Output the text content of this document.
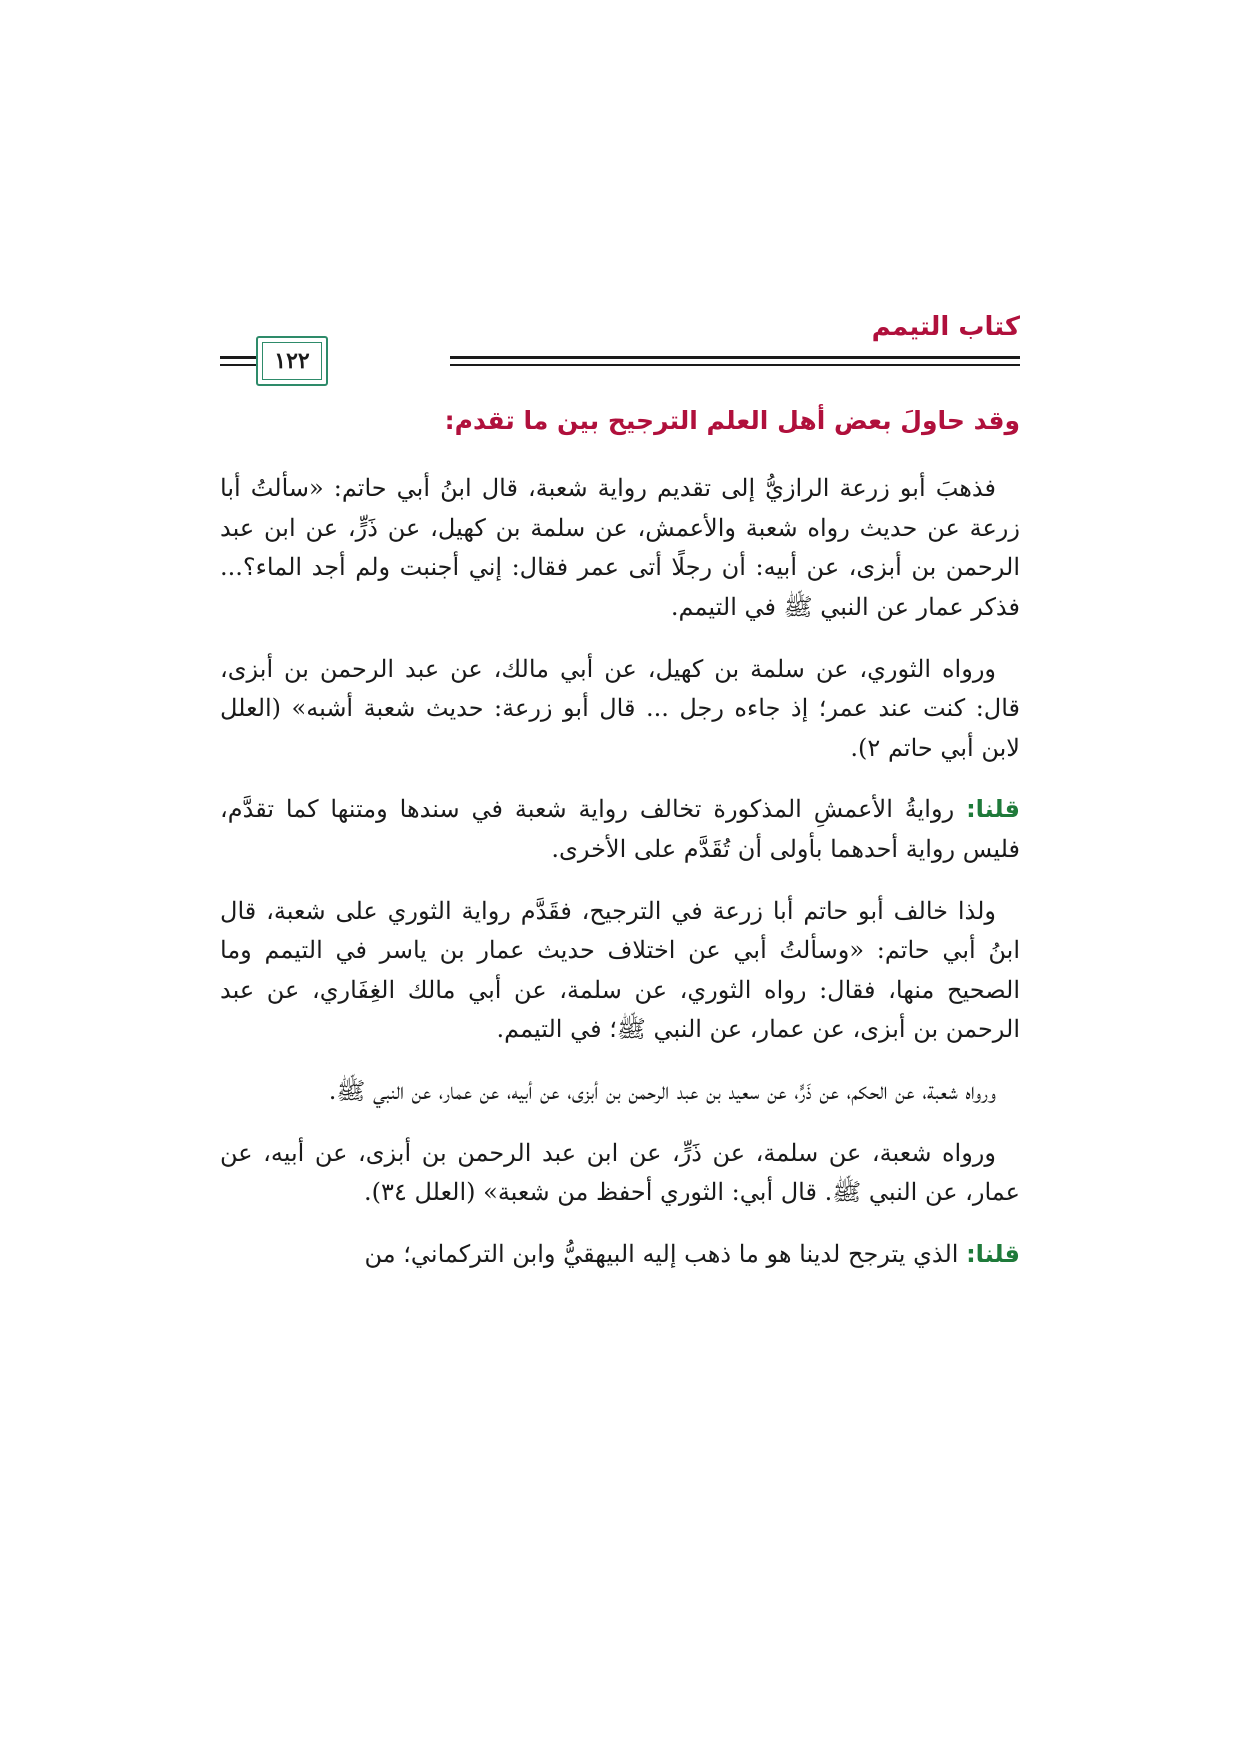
كتاب التيمم
١٢٢
وقد حاولَ بعض أهل العلم الترجيح بين ما تقدم:

فذهبَ أبو زرعة الرازيُّ إلى تقديم رواية شعبة، قال ابنُ أبي حاتم: «سألتُ أبا زرعة عن حديث رواه شعبة والأعمش، عن سلمة بن كهيل، عن ذَرٍّ، عن ابن عبد الرحمن بن أبزى، عن أبيه: أن رجلًا أتى عمر فقال: إني أجنبت ولم أجد الماء؟... فذكر عمار عن النبي ﷺ في التيمم.

ورواه الثوري، عن سلمة بن كهيل، عن أبي مالك، عن عبد الرحمن بن أبزى، قال: كنت عند عمر؛ إذ جاءه رجل ... قال أبو زرعة: حديث شعبة أشبه» (العلل لابن أبي حاتم ٢).

قلنا: روايةُ الأعمشِ المذكورة تخالف رواية شعبة في سندها ومتنها كما تقدَّم، فليس رواية أحدهما بأولى أن تُقَدَّم على الأخرى.

ولذا خالف أبو حاتم أبا زرعة في الترجيح، فقَدَّم رواية الثوري على شعبة، قال ابنُ أبي حاتم: «وسألتُ أبي عن اختلاف حديث عمار بن ياسر في التيمم وما الصحيح منها، فقال: رواه الثوري، عن سلمة، عن أبي مالك الغِفَاري، عن عبد الرحمن بن أبزى، عن عمار، عن النبي ﷺ؛ في التيمم.

ورواه شعبة، عن الحكم، عن ذَرٍّ، عن سعيد بن عبد الرحمن بن أبزى، عن أبيه، عن عمار، عن النبي ﷺ.

ورواه شعبة، عن سلمة، عن ذَرٍّ، عن ابن عبد الرحمن بن أبزى، عن أبيه، عن عمار، عن النبي ﷺ. قال أبي: الثوري أحفظ من شعبة» (العلل ٣٤).

قلنا: الذي يترجح لدينا هو ما ذهب إليه البيهقيُّ وابن التركماني؛ من
